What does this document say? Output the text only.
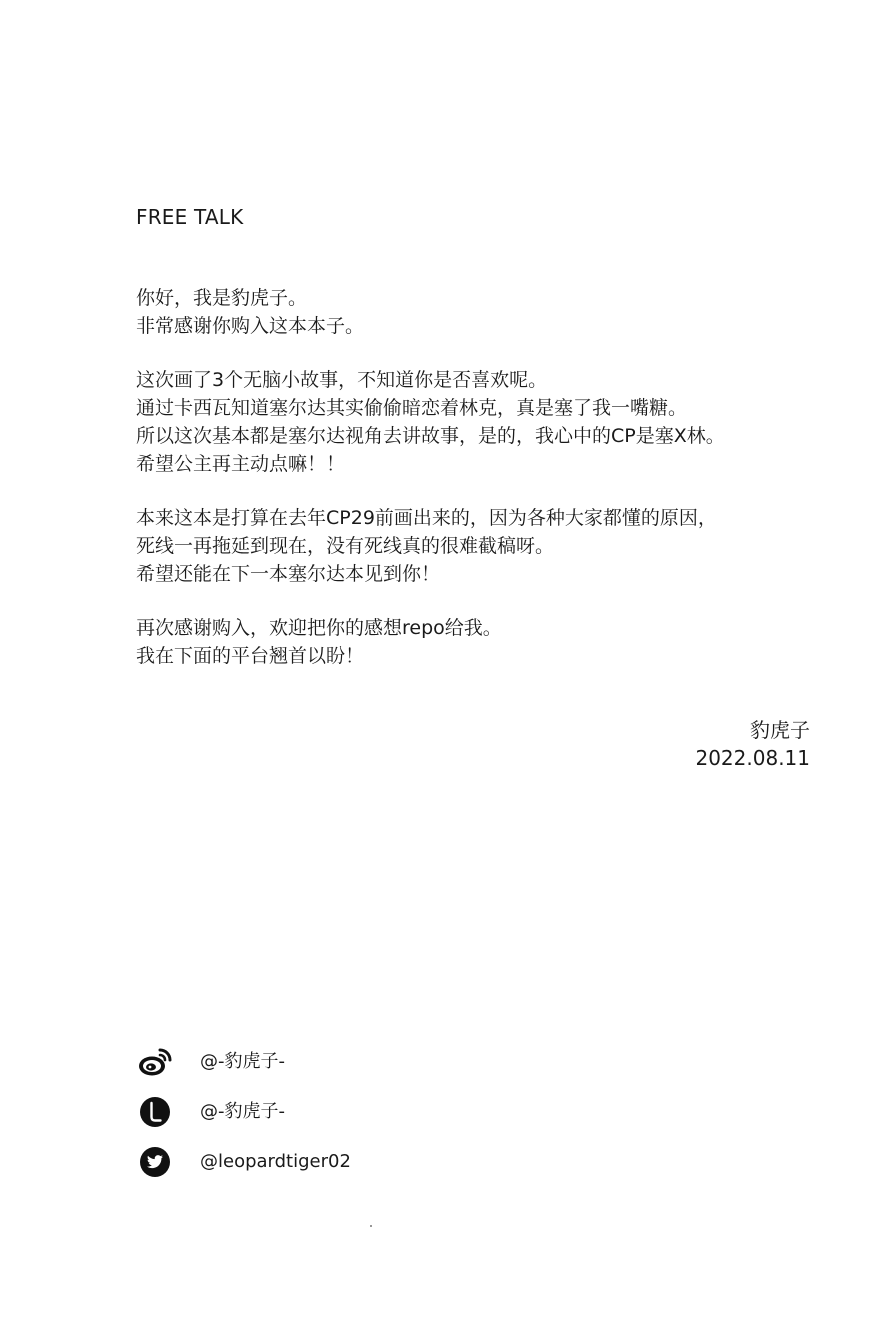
FREE TALK

你好，我是豹虎子。
非常感谢你购入这本本子。

这次画了3个无脑小故事，不知道你是否喜欢呢。
通过卡西瓦知道塞尔达其实偷偷暗恋着林克，真是塞了我一嘴糖。
所以这次基本都是塞尔达视角去讲故事，是的，我心中的CP是塞X林。
希望公主再主动点嘛！！

本来这本是打算在去年CP29前画出来的，因为各种大家都懂的原因，
死线一再拖延到现在，没有死线真的很难截稿呀。
希望还能在下一本塞尔达本见到你！

再次感谢购入，欢迎把你的感想repo给我。
我在下面的平台翘首以盼！

豹虎子
2022.08.11
@-豹虎子-
@-豹虎子-
@leopardtiger02
